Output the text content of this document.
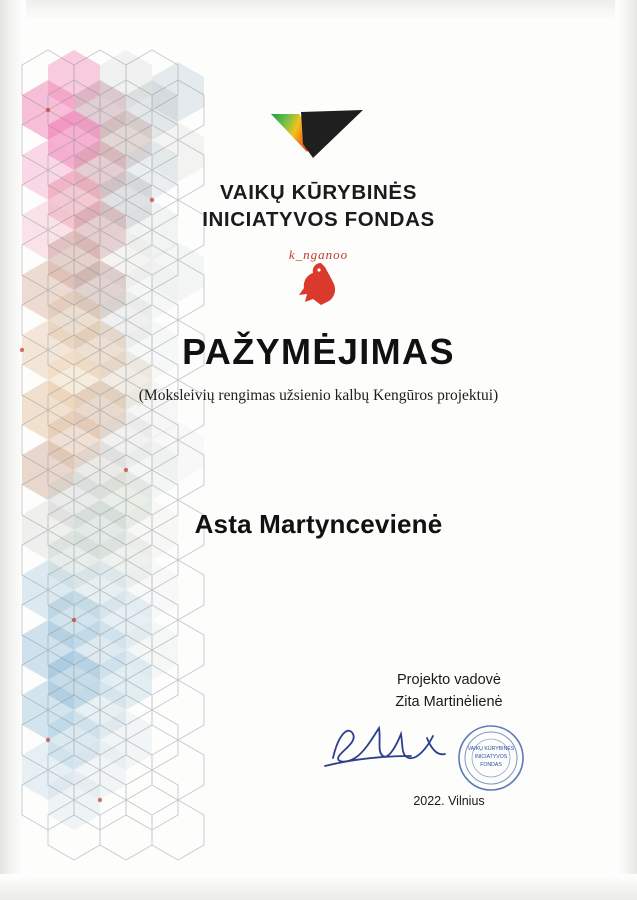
VAIKŲ KŪRYBINĖS
INICIATYVOS FONDAS
k_nganoo
PAŽYMĖJIMAS
(Moksleivių rengimas užsienio kalbų Kengūros projektui)
Asta Martyncevienė
Projekto vadovė
Zita Martinėlienė
VAIKŲ KŪRYBINĖS
INICIATYVOS
FONDAS
2022. Vilnius
